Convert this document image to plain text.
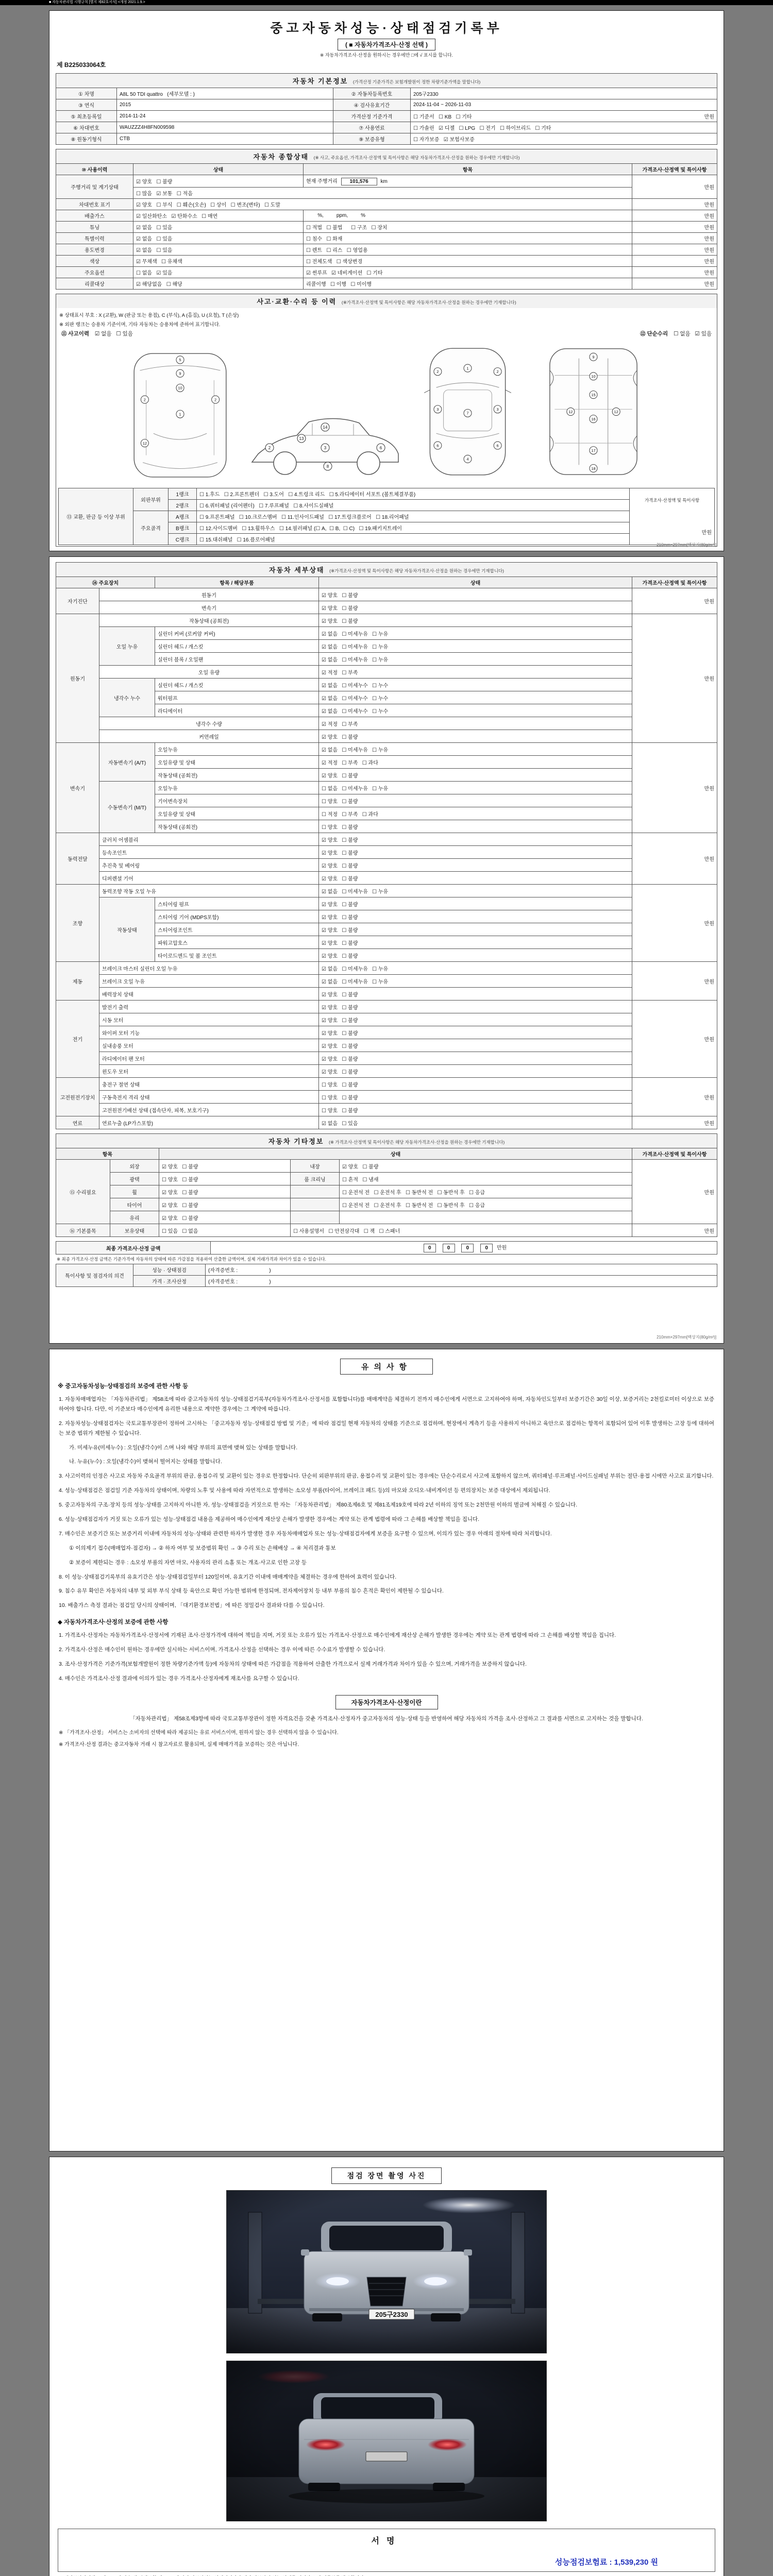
■ 자동차관리법 시행규칙 [별지 제82호서식] <개정 2021.1.9.>
중고자동차성능·상태점검기록부
( ■ 자동차가격조사·산정 선택 )
※ 자동차가격조사·산정을 원하시는 경우에만 □에 √ 표시를 합니다.
제 B225033064호
자동차 기본정보 (가격산정 기준가격은 보험개발원이 정한 차량기준가액을 말합니다)
① 차명	A8L 50 TDI quattro   (세부모델 : )	② 자동차등록번호	205구2330
③ 연식	2015	④ 검사유효기간	2024-11-04 ~ 2026-11-03
⑤ 최초등록일	2014-11-24	가격산정 기준가격	☐ 기준서   ☐ KB   ☐ 기타 만원

⑥ 차대번호	WAUZZZ4H8FN009598	⑦ 사용연료	☐ 가솔린   ☑ 디젤   ☐ LPG   ☐ 전기   ☐ 하이브리드   ☐ 기타
⑧ 원동기형식	CTB	⑨ 보증유형	☐ 자가보증   ☑ 보험사보증
자동차 종합상태 (※ 사고, 주요옵션, 가격조사·산정액 및 특이사항은 해당 자동차가격조사·산정을 원하는 경우에만 기재합니다)
⑩ 사용이력	상태	항목	가격조사·산정액 및 특이사항
주행거리 및 계기상태	☑ 양호   ☐ 불량	현재 주행거리 101,576 km	만원
	☐ 많음   ☑ 보통   ☐ 적음		
차대번호 표기	☑ 양호   ☐ 부식   ☐ 훼손(오손)   ☐ 상이   ☐ 변조(변타)   ☐ 도말		만원
배출가스	☑ 일산화탄소   ☑ 탄화수소   ☐ 매연	%,         ppm,         %	만원
튜닝	☑ 없음   ☐ 있음	☐ 적법   ☐ 불법      ☐ 구조   ☐ 장치	만원
특별이력	☑ 없음   ☐ 있음	☐ 침수   ☐ 화재	만원
용도변경	☑ 없음   ☐ 있음	☐ 렌트   ☐ 리스   ☐ 영업용	만원
색상	☑ 무채색   ☐ 유채색	☐ 전체도색   ☐ 색상변경	만원
주요옵션	☐ 없음   ☑ 있음	☑ 썬루프   ☑ 네비게이션   ☐ 기타	만원
리콜대상	☑ 해당없음   ☐ 해당	리콜이행   ☐ 이행   ☐ 미이행	만원
사고·교환·수리 등 이력 (※가격조사·산정액 및 특이사항은 해당 자동차가격조사·산정을 원하는 경우에만 기재합니다)
※ 상태표시 부호 : X (교환), W (판금 또는 용접), C (부식), A (흠집), U (요철), T (손상)
※ 외판 랭크는 승용차 기준이며, 기타 자동차는 승용차에 준하여 표기합니다.
⑪ 사고이력 ☑ 없음   ☐ 있음	⑫ 단순수리 ☐ 없음   ☑ 있음
5
9
10
1
2	2
12
2
14
3
13
8
6
1
7
4
2	2
3	3
6	6
9
10
15
12	12
16
17
18
⑬ 교환, 판금 등 이상 부위	외판부위	1랭크	☐ 1.후드   ☐ 2.프론트펜더   ☐ 3.도어   ☐ 4.트렁크 리드   ☐ 5.라디에이터 서포트 (볼트체결부품)	가격조사·산정액 및 특이사항
만원

		2랭크	☐ 6.쿼터패널 (리어펜더)   ☐ 7.루프패널   ☐ 8.사이드실패널	
	주요골격	A랭크	☐ 9.프론트패널   ☐ 10.크로스멤버   ☐ 11.인사이드패널   ☐ 17.트렁크플로어   ☐ 18.리어패널	
		B랭크	☐ 12.사이드멤버   ☐ 13.휠하우스   ☐ 14.필러패널 (☐ A,  ☐ B,  ☐ C)   ☐ 19.패키지트레이	
		C랭크	☐ 15.대쉬패널   ☐ 16.플로어패널	
210mm×297mm[백상지(80g/m²)]
자동차 세부상태 (※가격조사·산정액 및 특이사항은 해당 자동차가격조사·산정을 원하는 경우에만 기재합니다)
⑭ 주요장치		항목 / 해당부품	상태	가격조사·산정액 및 특이사항
자기진단	원동기		☑ 양호   ☐ 불량	만원
	변속기		☑ 양호   ☐ 불량	
원동기	작동상태 (공회전)		☑ 양호   ☐ 불량	만원
	오일 누유	실린더 커버 (로커암 커버)	☑ 없음   ☐ 미세누유   ☐ 누유	
		실린더 헤드 / 개스킷	☑ 없음   ☐ 미세누유   ☐ 누유	
		실린더 블록 / 오일팬	☑ 없음   ☐ 미세누유   ☐ 누유	
	오일 유량		☑ 적정   ☐ 부족	
	냉각수 누수	실린더 헤드 / 개스킷	☑ 없음   ☐ 미세누수   ☐ 누수	
		워터펌프	☑ 없음   ☐ 미세누수   ☐ 누수	
		라디에이터	☑ 없음   ☐ 미세누수   ☐ 누수	
	냉각수 수량		☑ 적정   ☐ 부족	
	커먼레일		☑ 양호   ☐ 불량	
변속기	자동변속기 (A/T)	오일누유	☑ 없음   ☐ 미세누유   ☐ 누유	만원
		오일유량 및 상태	☑ 적정   ☐ 부족   ☐ 과다	
		작동상태 (공회전)	☑ 양호   ☐ 불량	
	수동변속기 (M/T)	오일누유	☐ 없음   ☐ 미세누유   ☐ 누유	
		기어변속장치	☐ 양호   ☐ 불량	
		오일유량 및 상태	☐ 적정   ☐ 부족   ☐ 과다	
		작동상태 (공회전)	☐ 양호   ☐ 불량	
동력전달	클러치 어셈블리		☑ 양호   ☐ 불량	만원
	등속조인트		☑ 양호   ☐ 불량	
	추진축 및 베어링		☑ 양호   ☐ 불량	
	디퍼렌셜 기어		☑ 양호   ☐ 불량	
조향	동력조향 작동 오일 누유		☑ 없음   ☐ 미세누유   ☐ 누유	만원
	작동상태	스티어링 펌프	☑ 양호   ☐ 불량	
		스티어링 기어 (MDPS포함)	☑ 양호   ☐ 불량	
		스티어링조인트	☑ 양호   ☐ 불량	
		파워고압호스	☑ 양호   ☐ 불량	
		타이로드엔드 및 볼 조인트	☑ 양호   ☐ 불량	
제동	브레이크 마스터 실린더 오일 누유		☑ 없음   ☐ 미세누유   ☐ 누유	만원
	브레이크 오일 누유		☑ 없음   ☐ 미세누유   ☐ 누유	
	배력장치 상태		☑ 양호   ☐ 불량	
전기	발전기 출력		☑ 양호   ☐ 불량	만원
	시동 모터		☑ 양호   ☐ 불량	
	와이퍼 모터 기능		☑ 양호   ☐ 불량	
	실내송풍 모터		☑ 양호   ☐ 불량	
	라디에이터 팬 모터		☑ 양호   ☐ 불량	
	윈도우 모터		☑ 양호   ☐ 불량	
고전원전기장치	충전구 절연 상태		☐ 양호   ☐ 불량	만원
	구동축전지 격리 상태		☐ 양호   ☐ 불량	
	고전원전기배선 상태 (접속단자, 피복, 보호기구)		☐ 양호   ☐ 불량	
연료	연료누출 (LP가스포함)		☑ 없음   ☐ 있음	만원
자동차 기타정보 (※ 가격조사·산정액 및 특이사항은 해당 자동차가격조사·산정을 원하는 경우에만 기재합니다)
항목		상태			가격조사·산정액 및 특이사항
⑮ 수리필요	외장	☑ 양호   ☐ 불량	내장	☑ 양호   ☐ 불량	만원
	광택	☐ 양호   ☐ 불량	룸 크리닝	☐ 흔적   ☐ 냄새	
	휠	☑ 양호   ☐ 불량		☐ 운전석 전   ☐ 운전석 후   ☐ 동반석 전   ☐ 동반석 후   ☐ 응급	
	타이어	☑ 양호   ☐ 불량		☐ 운전석 전   ☐ 운전석 후   ☐ 동반석 전   ☐ 동반석 후   ☐ 응급	
	유리	☑ 양호   ☐ 불량			
⑯ 기본품목	보유상태	☐ 있음   ☐ 없음	☐ 사용설명서   ☐ 안전삼각대   ☐ 잭   ☐ 스패너		만원
최종 가격조사·산정 금액	0	0	0	0 만원
※ 최종 가격조사·산정 금액은 기준가격에 자동차의 상태에 따른 가감점을 적용하여 산출한 금액이며, 실제 거래가격과 차이가 있을 수 있습니다.
특이사항 및 점검자의 의견	성능 · 상태점검	(자격증번호 :                      )
	가격 · 조사산정	(자격증번호 :                      )
210mm×297mm[백상지(80g/m²)]
유의사항
※ 중고자동차성능·상태점검의 보증에 관한 사항 등

1. 자동차매매업자는 「자동차관리법」 제58조에 따라 중고자동차의 성능·상태점검기록부(자동차가격조사·산정서를 포함합니다)를 매매계약을 체결하기 전까지 매수인에게 서면으로 고지하여야 하며, 자동차인도일부터 보증기간은 30일 이상, 보증거리는 2천킬로미터 이상으로 보증하여야 합니다. 다만, 이 기준보다 매수인에게 유리한 내용으로 계약한 경우에는 그 계약에 따릅니다.

2. 자동차성능·상태점검자는 국토교통부장관이 정하여 고시하는 「중고자동차 성능·상태점검 방법 및 기준」에 따라 점검일 현재 자동차의 상태를 기준으로 점검하며, 현장에서 계측기 등을 사용하지 아니하고 육안으로 점검하는 항목이 포함되어 있어 이후 발생하는 고장 등에 대하여는 보증 범위가 제한될 수 있습니다.

가. 미세누유(미세누수) : 오일(냉각수)이 스며 나와 해당 부위의 표면에 맺혀 있는 상태를 말합니다.

나. 누유(누수) : 오일(냉각수)이 맺혀서 떨어지는 상태를 말합니다.

3. 사고이력의 인정은 사고로 자동차 주요골격 부위의 판금, 용접수리 및 교환이 있는 경우로 한정합니다. 단순히 외판부위의 판금, 용접수리 및 교환이 있는 경우에는 단순수리로서 사고에 포함하지 않으며, 쿼터패널·루프패널·사이드실패널 부위는 절단·용접 시에만 사고로 표기합니다.

4. 성능·상태점검은 점검일 기준 자동차의 상태이며, 차량의 노후 및 사용에 따라 자연적으로 발생하는 소모성 부품(타이어, 브레이크 패드 등)의 마모와 오디오·내비게이션 등 편의장치는 보증 대상에서 제외됩니다.

5. 중고자동차의 구조·장치 등의 성능·상태를 고지하지 아니한 자, 성능·상태점검을 거짓으로 한 자는 「자동차관리법」 제80조제6호 및 제81조제19호에 따라 2년 이하의 징역 또는 2천만원 이하의 벌금에 처해질 수 있습니다.

6. 성능·상태점검자가 거짓 또는 오류가 있는 성능·상태점검 내용을 제공하여 매수인에게 재산상 손해가 발생한 경우에는 계약 또는 관계 법령에 따라 그 손해를 배상할 책임을 집니다.

7. 매수인은 보증기간 또는 보증거리 이내에 자동차의 성능·상태와 관련한 하자가 발생한 경우 자동차매매업자 또는 성능·상태점검자에게 보증을 요구할 수 있으며, 이의가 있는 경우 아래의 절차에 따라 처리합니다.

① 이의제기 접수(매매업자·점검자) → ② 하자 여부 및 보증범위 확인 → ③ 수리 또는 손해배상 → ④ 처리결과 통보

② 보증이 제한되는 경우 : 소모성 부품의 자연 마모, 사용자의 관리 소홀 또는 개조·사고로 인한 고장 등

8. 이 성능·상태점검기록부의 유효기간은 성능·상태점검일부터 120일이며, 유효기간 이내에 매매계약을 체결하는 경우에 한하여 효력이 있습니다.

9. 침수 유무 확인은 자동차의 내부 및 외부 부식 상태 등 육안으로 확인 가능한 범위에 한정되며, 전자제어장치 등 내부 부품의 침수 흔적은 확인이 제한될 수 있습니다.

10. 배출가스 측정 결과는 점검일 당시의 상태이며, 「대기환경보전법」에 따른 정밀검사 결과와 다를 수 있습니다.

◆ 자동차가격조사·산정의 보증에 관한 사항

1. 가격조사·산정자는 자동차가격조사·산정서에 기재된 조사·산정가격에 대하여 책임을 지며, 거짓 또는 오류가 있는 가격조사·산정으로 매수인에게 재산상 손해가 발생한 경우에는 계약 또는 관계 법령에 따라 그 손해를 배상할 책임을 집니다.

2. 가격조사·산정은 매수인이 원하는 경우에만 실시하는 서비스이며, 가격조사·산정을 선택하는 경우 이에 따른 수수료가 발생할 수 있습니다.

3. 조사·산정가격은 기준가격(보험개발원이 정한 차량기준가액 등)에 자동차의 상태에 따른 가감점을 적용하여 산출한 가격으로서 실제 거래가격과 차이가 있을 수 있으며, 거래가격을 보증하지 않습니다.

4. 매수인은 가격조사·산정 결과에 이의가 있는 경우 가격조사·산정자에게 재조사를 요구할 수 있습니다.

자동차가격조사·산정이란

「자동차관리법」 제58조제3항에 따라 국토교통부장관이 정한 자격요건을 갖춘 가격조사·산정자가 중고자동차의 성능·상태 등을 반영하여 해당 자동차의 가격을 조사·산정하고 그 결과를 서면으로 고지하는 것을 말합니다.

※ 「가격조사·산정」 서비스는 소비자의 선택에 따라 제공되는 유료 서비스이며, 원하지 않는 경우 선택하지 않을 수 있습니다.
※ 가격조사·산정 결과는 중고자동차 거래 시 참고자료로 활용되며, 실제 매매가격을 보증하는 것은 아닙니다.
점검 장면 촬영 사진
서명
성능점검보험료 : 1,539,230 원
